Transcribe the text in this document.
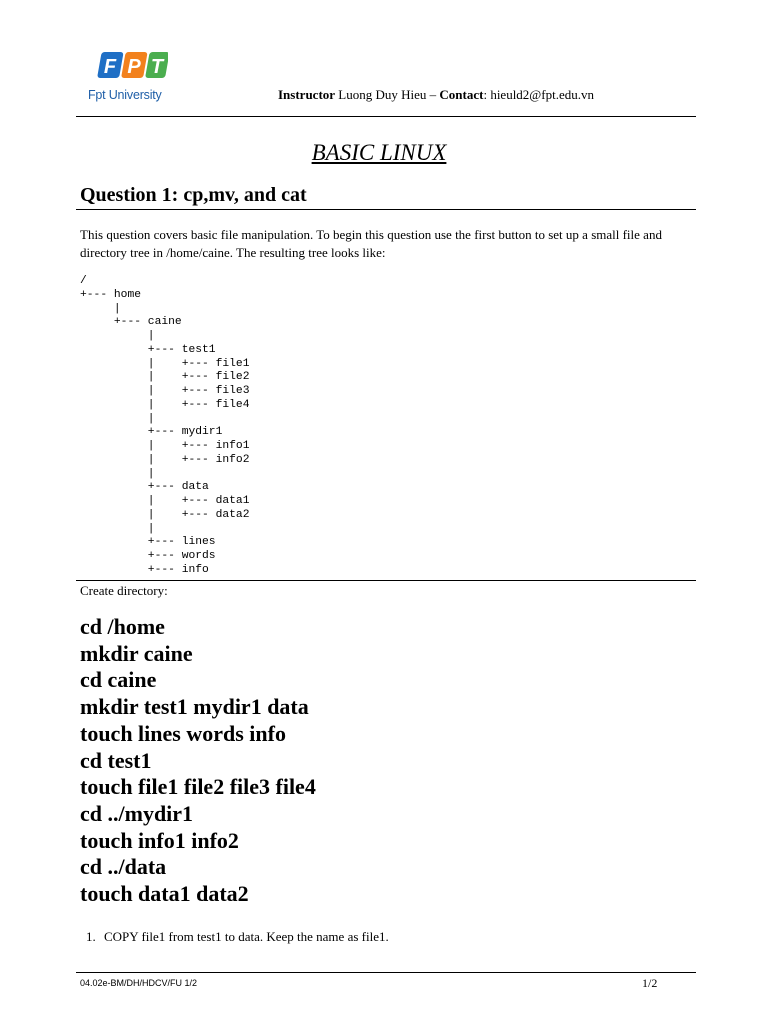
F P T
Fpt University	Instructor Luong Duy Hieu – Contact: hieuld2@fpt.edu.vn
BASIC LINUX
Question 1: cp,mv, and cat
This question covers basic file manipulation. To begin this question use the first button to set up a small file and directory tree in /home/caine. The resulting tree looks like:
/
+--- home
|
+--- caine
|
+--- test1
|    +--- file1
|    +--- file2
|    +--- file3
|    +--- file4
|
+--- mydir1
|    +--- info1
|    +--- info2
|
+--- data
|    +--- data1
|    +--- data2
|
+--- lines
+--- words
+--- info
Create directory:
cd /home
mkdir caine
cd caine
mkdir test1 mydir1 data
touch lines words info
cd test1
touch file1 file2 file3 file4
cd ../mydir1
touch info1 info2
cd ../data
touch data1 data2
1. COPY file1 from test1 to data. Keep the name as file1.
04.02e-BM/DH/HDCV/FU 1/2	1/2
